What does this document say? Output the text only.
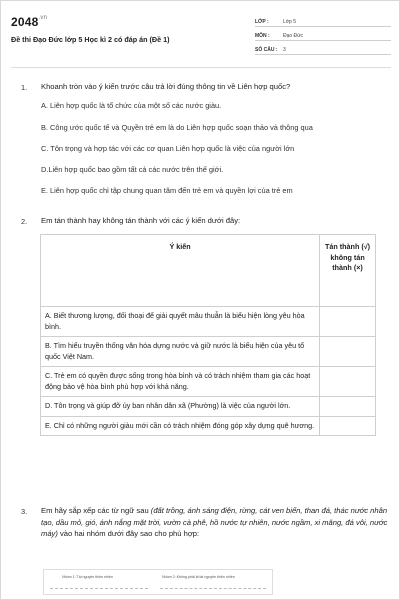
$2048^{.vn}$
Đề thi Đạo Đức lớp 5 Học kì 2 có đáp án (Đề 1)
LỚP :	Lớp 5
MÔN :	Đạo Đức
SỐ CÂU :	3
1. Khoanh tròn vào ý kiến trước câu trả lời đúng thông tin về Liên hợp quốc?
A. Liên hợp quốc là tổ chức của một số các nước giàu.
B. Công ước quốc tế và Quyền trẻ em là do Liên hợp quốc soạn thảo và thông qua
C. Tôn trọng và hợp tác với các cơ quan Liên hợp quốc là việc của người lớn
D.Liên hợp quốc bao gồm tất cả các nước trên thế giới.
E. Liên hợp quốc chỉ tập chung quan tâm đến trẻ em và quyền lợi của trẻ em
2. Em tán thành hay không tán thành với các ý kiến dưới đây:
Ý kiến	Tán thành (√) không tán thành (×)
A. Biết thương lượng, đối thoại để giải quyết mâu thuẫn là biểu hiện lòng yêu hòa bình.	
B. Tìm hiểu truyền thống văn hóa dựng nước và giữ nước là biểu hiện của yêu tổ quốc Việt Nam.	
C. Trẻ em có quyền được sống trong hòa bình và có trách nhiệm tham gia các hoạt động bảo vệ hòa bình phù hợp với khả năng.	
D. Tôn trọng và giúp đỡ ủy ban nhân dân xã (Phường) là việc của người lớn.	
E. Chỉ có những người giàu mới cần có trách nhiệm đóng góp xây dựng quê hương.	
3. Em hãy sắp xếp các từ ngữ sau (đất trồng, ánh sáng điện, rừng, cát ven biển, than đá, thác nước nhân tạo, dầu mỏ, gió, ánh nắng mặt trời, vườn cà phê, hồ nước tự nhiên, nước ngầm, xi măng, đá vôi, nước máy) vào hai nhóm dưới đây sao cho phù hợp:
Nhóm 1: Tài nguyên thiên nhiên	Nhóm 2: Không phải là tài nguyên thiên nhiên
